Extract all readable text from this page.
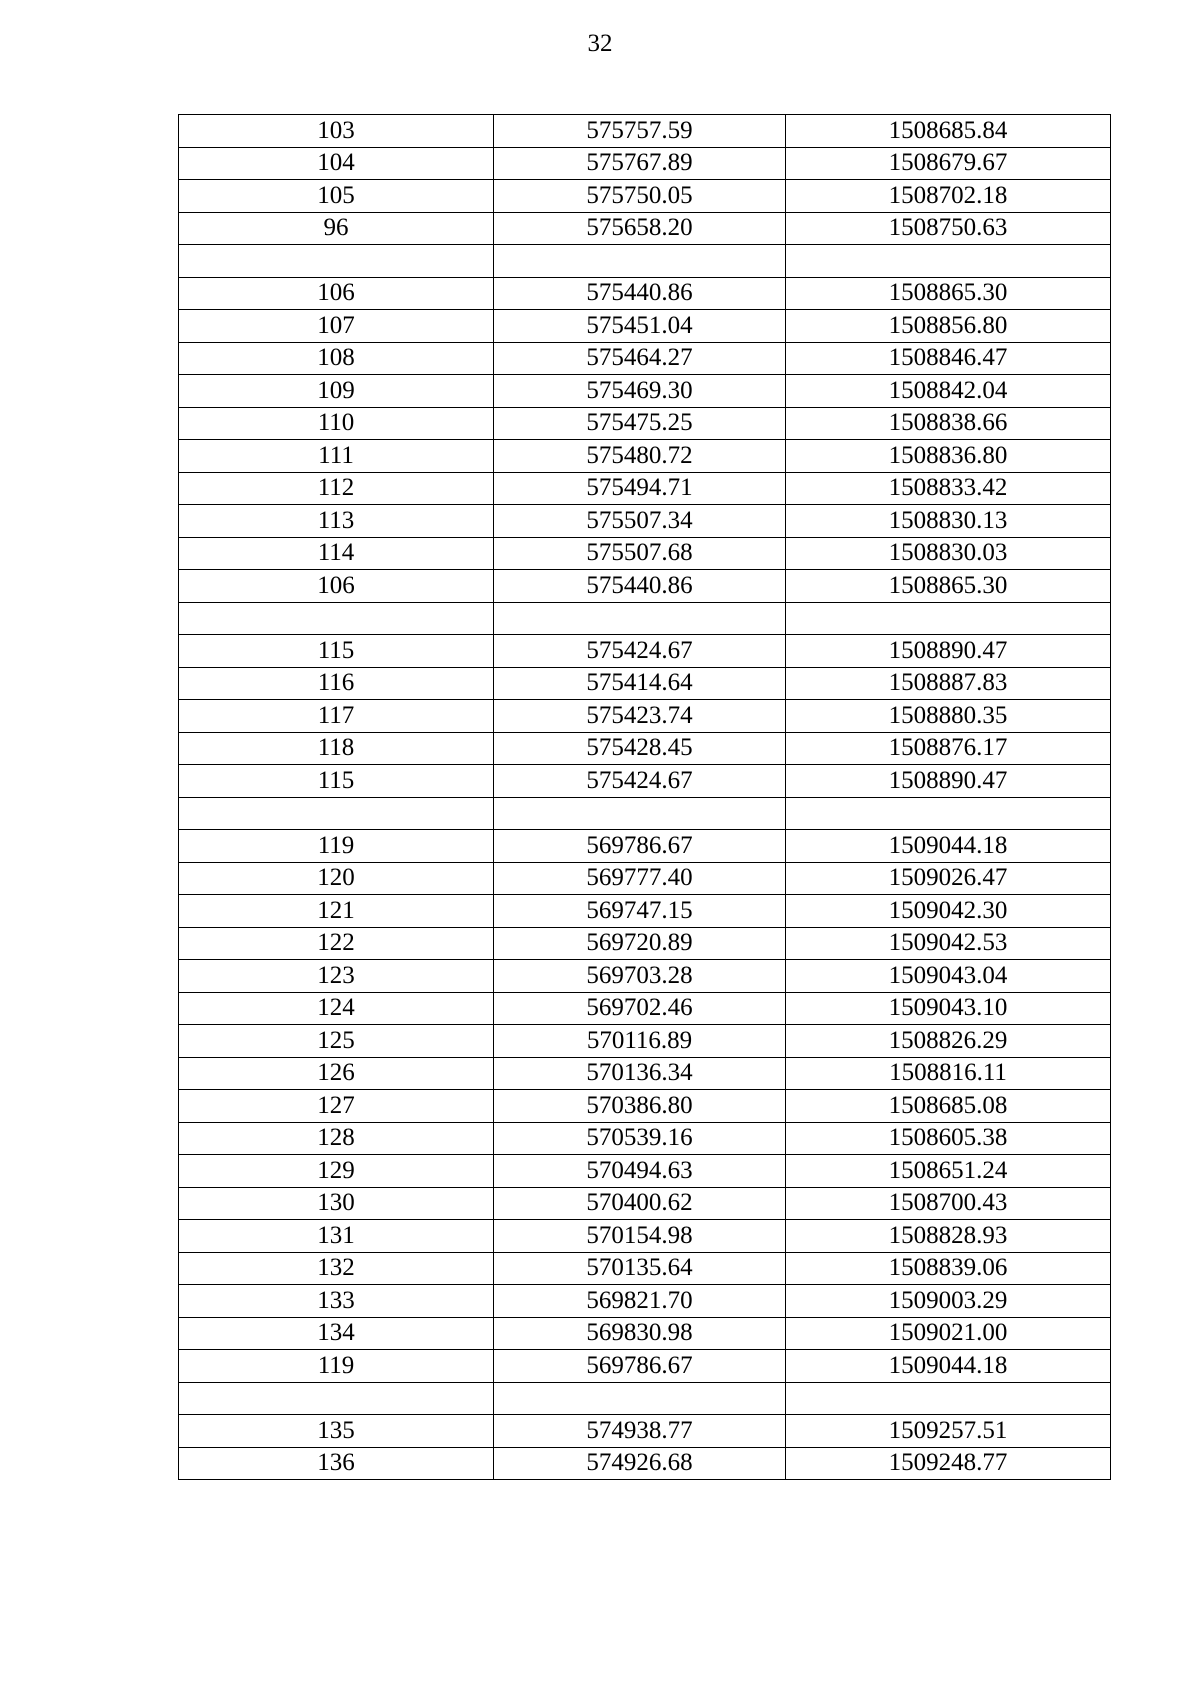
32
103	575757.59	1508685.84
104	575767.89	1508679.67
105	575750.05	1508702.18
96	575658.20	1508750.63

106	575440.86	1508865.30
107	575451.04	1508856.80
108	575464.27	1508846.47
109	575469.30	1508842.04
110	575475.25	1508838.66
111	575480.72	1508836.80
112	575494.71	1508833.42
113	575507.34	1508830.13
114	575507.68	1508830.03
106	575440.86	1508865.30

115	575424.67	1508890.47
116	575414.64	1508887.83
117	575423.74	1508880.35
118	575428.45	1508876.17
115	575424.67	1508890.47

119	569786.67	1509044.18
120	569777.40	1509026.47
121	569747.15	1509042.30
122	569720.89	1509042.53
123	569703.28	1509043.04
124	569702.46	1509043.10
125	570116.89	1508826.29
126	570136.34	1508816.11
127	570386.80	1508685.08
128	570539.16	1508605.38
129	570494.63	1508651.24
130	570400.62	1508700.43
131	570154.98	1508828.93
132	570135.64	1508839.06
133	569821.70	1509003.29
134	569830.98	1509021.00
119	569786.67	1509044.18

135	574938.77	1509257.51
136	574926.68	1509248.77
